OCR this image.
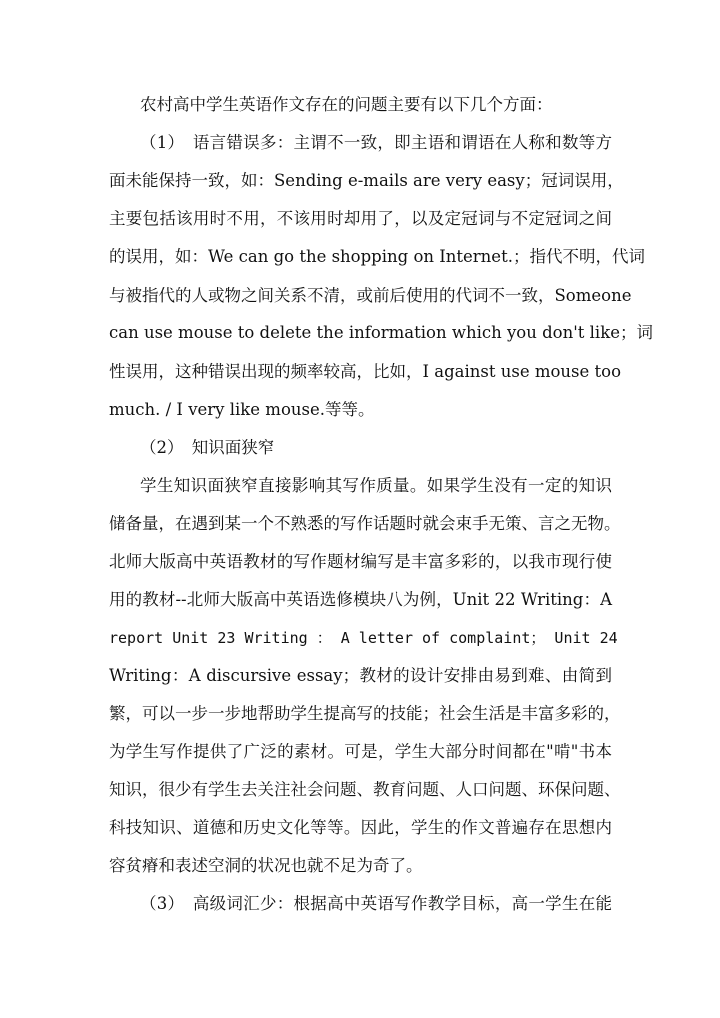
农村高中学生英语作文存在的问题主要有以下几个方面：

（1）　语言错误多：主谓不一致，即主语和谓语在人称和数等方

面未能保持一致，如：Sending e-mails are very easy；冠词误用，

主要包括该用时不用，不该用时却用了，以及定冠词与不定冠词之间

的误用，如：We can go the shopping on Internet.；指代不明，代词

与被指代的人或物之间关系不清，或前后使用的代词不一致，Someone

can use mouse to delete the information which you don't like；词

性误用，这种错误出现的频率较高，比如，I against use mouse too

much. / I very like mouse.等等。

（2）　知识面狭窄

学生知识面狭窄直接影响其写作质量。如果学生没有一定的知识

储备量，在遇到某一个不熟悉的写作话题时就会束手无策、言之无物。

北师大版高中英语教材的写作题材编写是丰富多彩的，以我市现行使

用的教材--北师大版高中英语选修模块八为例，Unit 22 Writing：A

report Unit 23 Writing ： A letter of complaint； Unit 24

Writing：A discursive essay；教材的设计安排由易到难、由简到

繁，可以一步一步地帮助学生提高写的技能；社会生活是丰富多彩的，

为学生写作提供了广泛的素材。可是，学生大部分时间都在"啃"书本

知识，很少有学生去关注社会问题、教育问题、人口问题、环保问题、

科技知识、道德和历史文化等等。因此，学生的作文普遍存在思想内

容贫瘠和表述空洞的状况也就不足为奇了。

（3）　高级词汇少：根据高中英语写作教学目标，高一学生在能
